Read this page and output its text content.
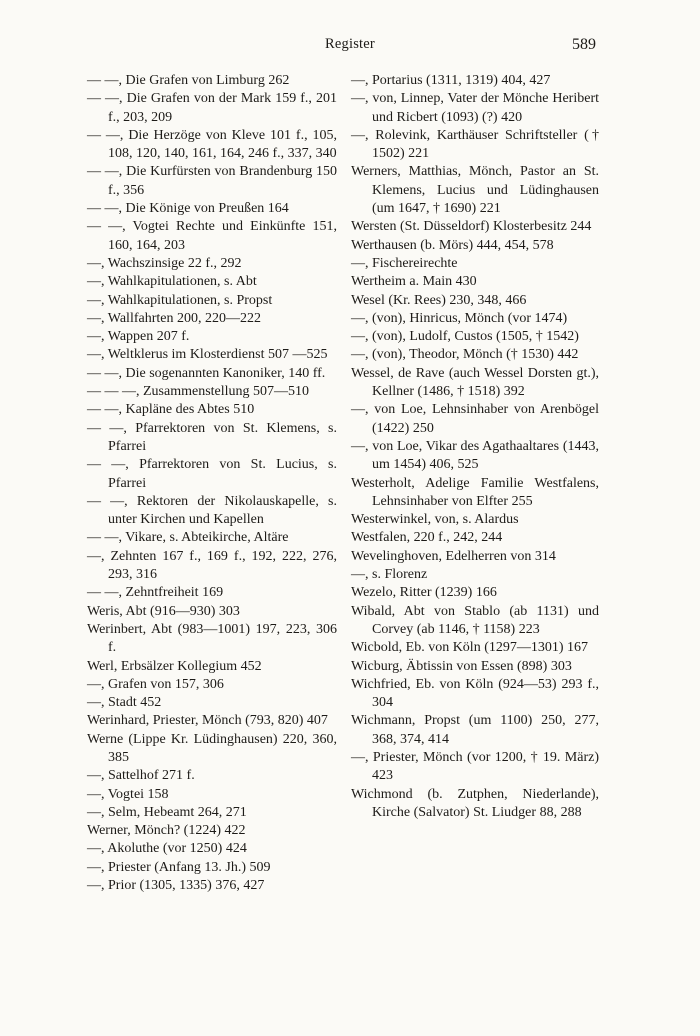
Register	589
— —, Die Grafen von Limburg 262
— —, Die Grafen von der Mark 159 f., 201 f., 203, 209
— —, Die Herzöge von Kleve 101 f., 105, 108, 120, 140, 161, 164, 246 f., 337, 340
— —, Die Kurfürsten von Brandenburg 150 f., 356
— —, Die Könige von Preußen 164
— —, Vogtei Rechte und Einkünfte 151, 160, 164, 203
—, Wachszinsige 22 f., 292
—, Wahlkapitulationen, s. Abt
—, Wahlkapitulationen, s. Propst
—, Wallfahrten 200, 220—222
—, Wappen 207 f.
—, Weltklerus im Klosterdienst 507 —525
— —, Die sogenannten Kanoniker, 140 ff.
— — —, Zusammenstellung 507—510
— —, Kapläne des Abtes 510
— —, Pfarrektoren von St. Klemens, s. Pfarrei
— —, Pfarrektoren von St. Lucius, s. Pfarrei
— —, Rektoren der Nikolauskapelle, s. unter Kirchen und Kapellen
— —, Vikare, s. Abteikirche, Altäre
—, Zehnten 167 f., 169 f., 192, 222, 276, 293, 316
— —, Zehntfreiheit 169
Weris, Abt (916—930) 303
Werinbert, Abt (983—1001) 197, 223, 306 f.
Werl, Erbsälzer Kollegium 452
—, Grafen von 157, 306
—, Stadt 452
Werinhard, Priester, Mönch (793, 820) 407
Werne (Lippe Kr. Lüdinghausen) 220, 360, 385
—, Sattelhof 271 f.
—, Vogtei 158
—, Selm, Hebeamt 264, 271
Werner, Mönch? (1224) 422
—, Akoluthe (vor 1250) 424
—, Priester (Anfang 13. Jh.) 509
—, Prior (1305, 1335) 376, 427
—, Portarius (1311, 1319) 404, 427
—, von, Linnep, Vater der Mönche Heribert und Ricbert (1093) (?) 420
—, Rolevink, Karthäuser Schriftsteller († 1502) 221
Werners, Matthias, Mönch, Pastor an St. Klemens, Lucius und Lüdinghausen (um 1647, † 1690) 221
Wersten (St. Düsseldorf) Klosterbesitz 244
Werthausen (b. Mörs) 444, 454, 578
—, Fischereirechte
Wertheim a. Main 430
Wesel (Kr. Rees) 230, 348, 466
—, (von), Hinricus, Mönch (vor 1474)
—, (von), Ludolf, Custos (1505, † 1542)
—, (von), Theodor, Mönch († 1530) 442
Wessel, de Rave (auch Wessel Dorsten gt.), Kellner (1486, † 1518) 392
—, von Loe, Lehnsinhaber von Arenbögel (1422) 250
—, von Loe, Vikar des Agathaaltares (1443, um 1454) 406, 525
Westerholt, Adelige Familie Westfalens, Lehnsinhaber von Elfter 255
Westerwinkel, von, s. Alardus
Westfalen, 220 f., 242, 244
Wevelinghoven, Edelherren von 314
—, s. Florenz
Wezelo, Ritter (1239) 166
Wibald, Abt von Stablo (ab 1131) und Corvey (ab 1146, † 1158) 223
Wicbold, Eb. von Köln (1297—1301) 167
Wicburg, Äbtissin von Essen (898) 303
Wichfried, Eb. von Köln (924—53) 293 f., 304
Wichmann, Propst (um 1100) 250, 277, 368, 374, 414
—, Priester, Mönch (vor 1200, † 19. März) 423
Wichmond (b. Zutphen, Niederlande), Kirche (Salvator) St. Liudger 88, 288
